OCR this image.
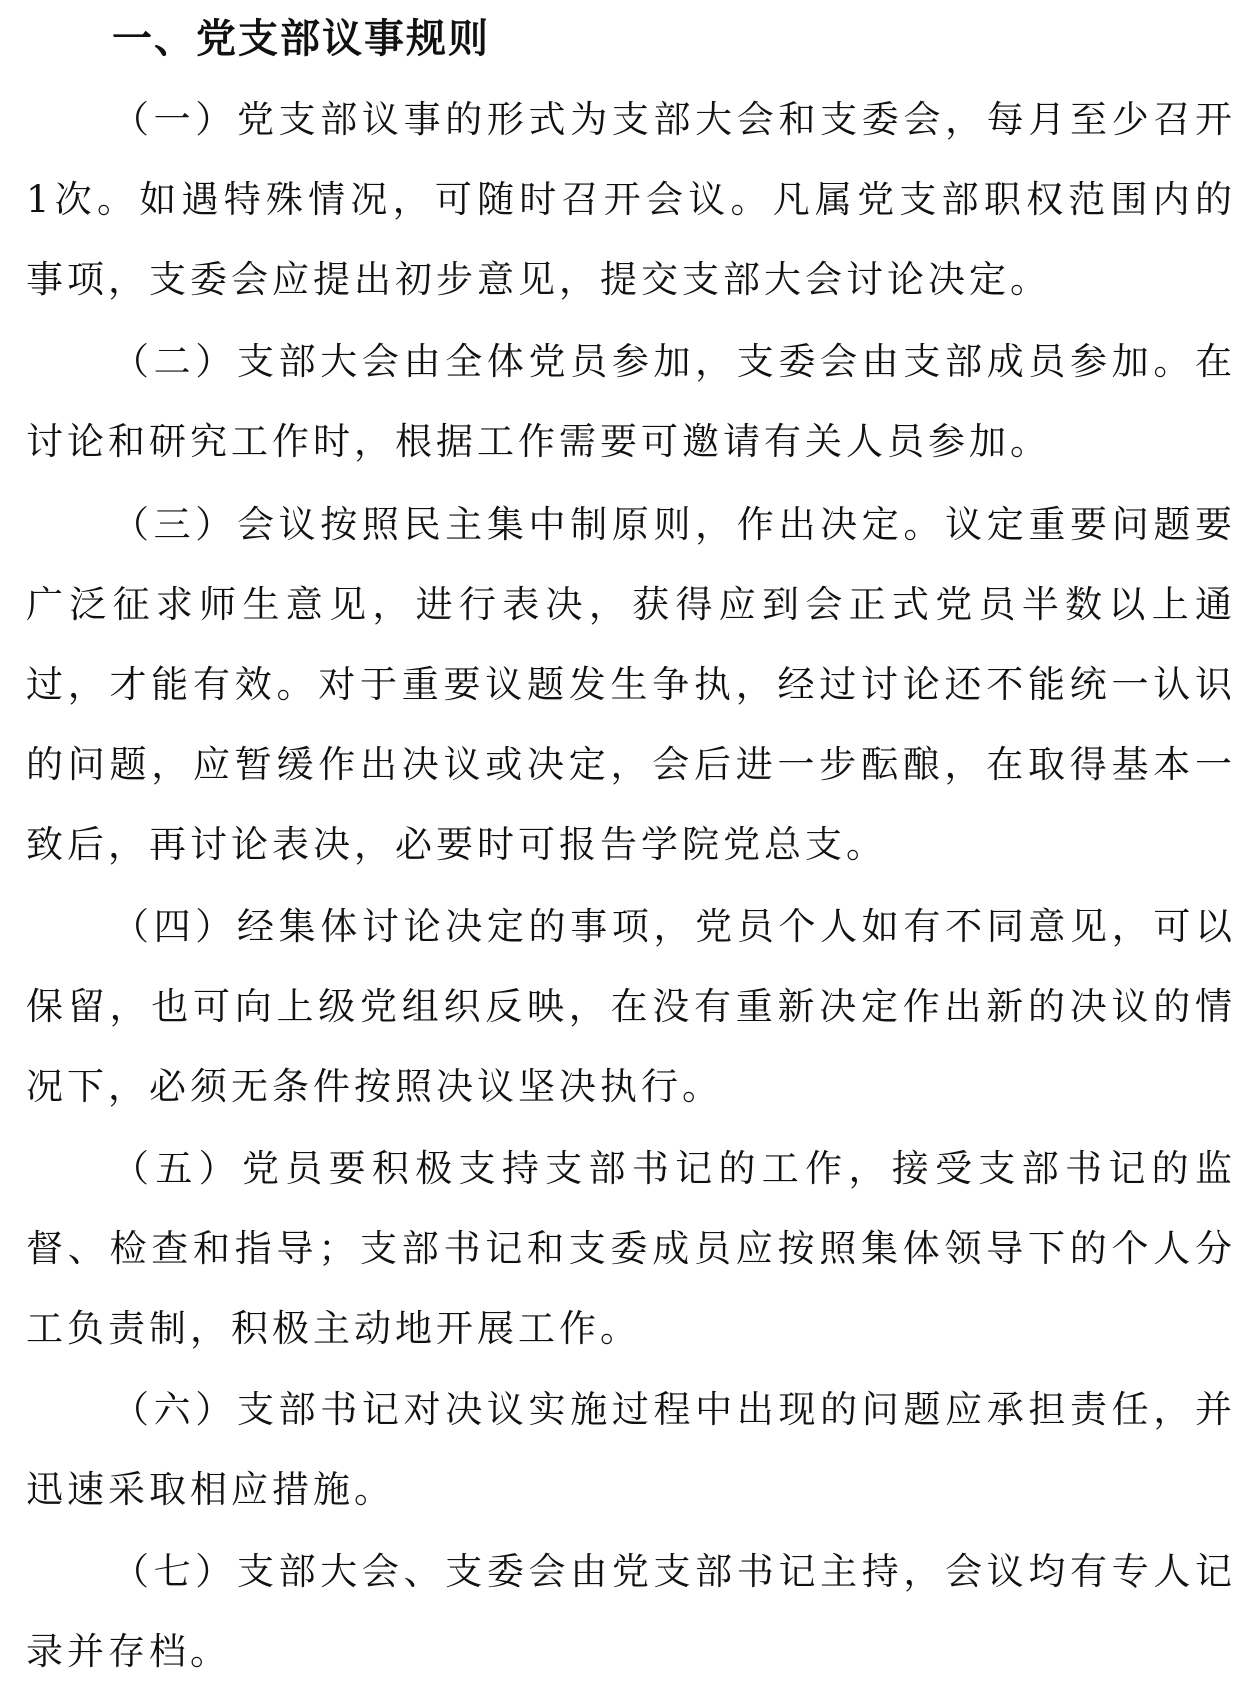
一、党支部议事规则

（一）党支部议事的形式为支部大会和支委会，每月至少召开1次。如遇特殊情况，可随时召开会议。凡属党支部职权范围内的事项，支委会应提出初步意见，提交支部大会讨论决定。

（二）支部大会由全体党员参加，支委会由支部成员参加。在讨论和研究工作时，根据工作需要可邀请有关人员参加。

（三）会议按照民主集中制原则，作出决定。议定重要问题要广泛征求师生意见，进行表决，获得应到会正式党员半数以上通过，才能有效。对于重要议题发生争执，经过讨论还不能统一认识的问题，应暂缓作出决议或决定，会后进一步酝酿，在取得基本一致后，再讨论表决，必要时可报告学院党总支。

（四）经集体讨论决定的事项，党员个人如有不同意见，可以保留，也可向上级党组织反映，在没有重新决定作出新的决议的情况下，必须无条件按照决议坚决执行。

（五）党员要积极支持支部书记的工作，接受支部书记的监督、检查和指导；支部书记和支委成员应按照集体领导下的个人分工负责制，积极主动地开展工作。

（六）支部书记对决议实施过程中出现的问题应承担责任，并迅速采取相应措施。

（七）支部大会、支委会由党支部书记主持，会议均有专人记录并存档。
